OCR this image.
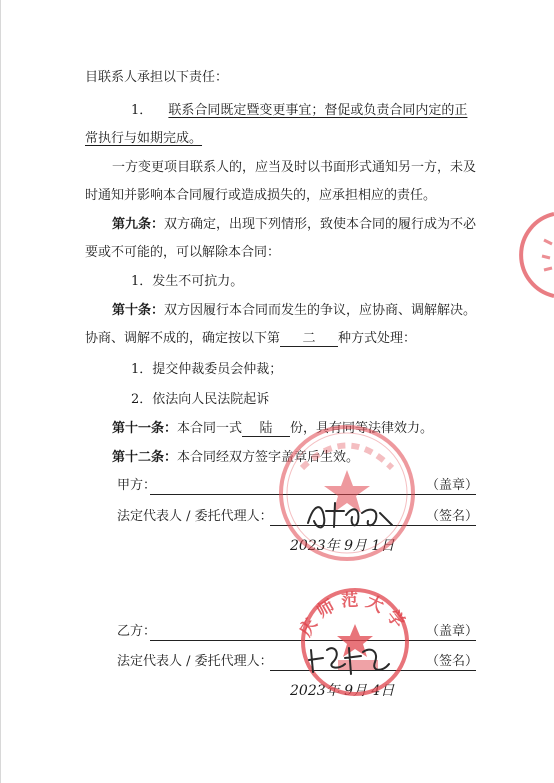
目联系人承担以下责任：
1． 联系合同既定暨变更事宜；督促或负责合同内定的正
常执行与如期完成。
一方变更项目联系人的，应当及时以书面形式通知另一方，未及
时通知并影响本合同履行或造成损失的，应承担相应的责任。
第九条：双方确定，出现下列情形，致使本合同的履行成为不必
要或不可能的，可以解除本合同：
1．发生不可抗力。
第十条：双方因履行本合同而发生的争议，应协商、调解解决。
协商、调解不成的，确定按以下第 二 种方式处理：
1．提交仲裁委员会仲裁；
2．依法向人民法院起诉
第十一条：本合同一式 陆 份，具有同等法律效力。
第十二条：本合同经双方签字盖章后生效。
甲方：	（盖章）
法定代表人 / 委托代理人：	（签名）
2023年 9月 1日
乙方：	（盖章）
法定代表人 / 委托代理人：	（签名）
2023年 9月 4日
庆师范大学
